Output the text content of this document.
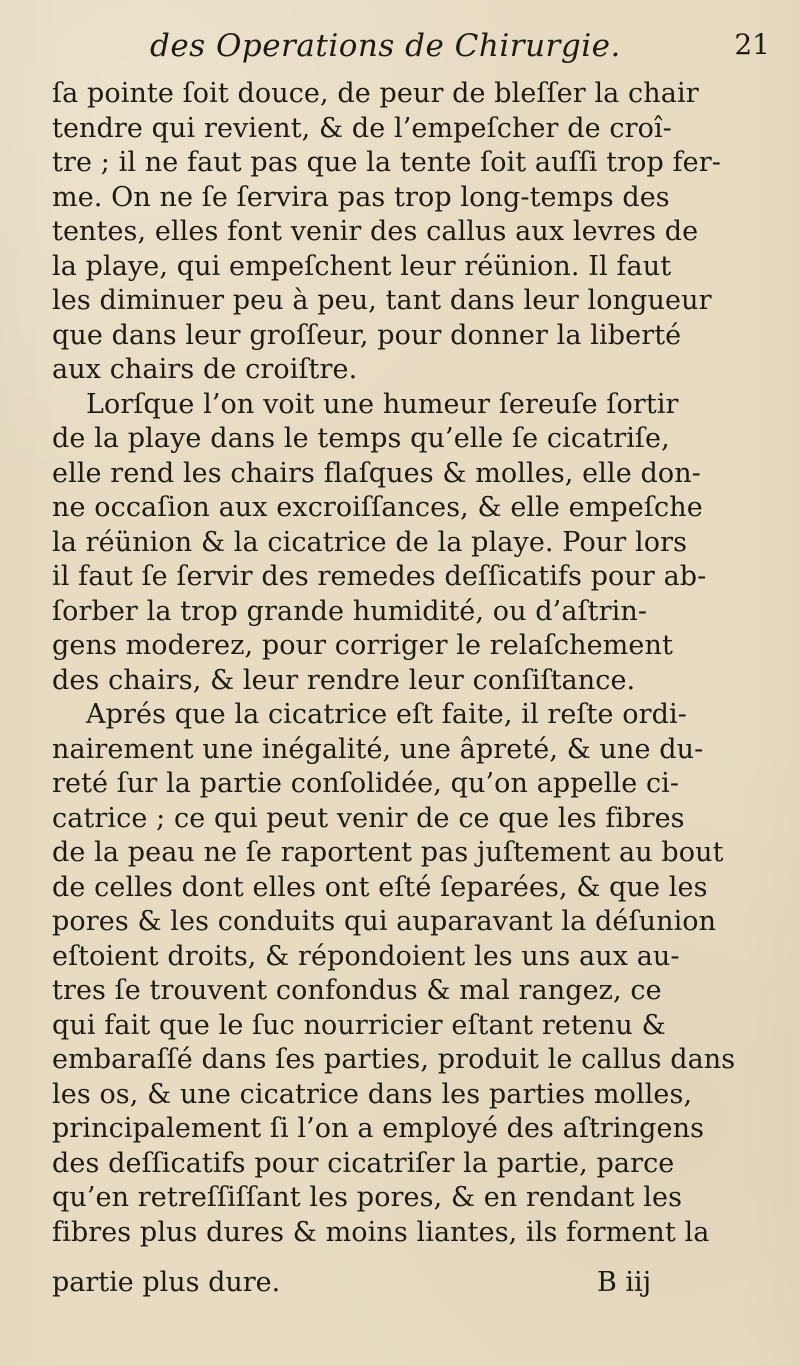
des Operations de Chirurgie.	21
ſa pointe ſoit douce, de peur de bleſſer la chair
tendre qui revient, & de l’empeſcher de croî-
tre ; il ne faut pas que la tente ſoit auſſi trop fer-
me. On ne ſe ſervira pas trop long-temps des
tentes, elles font venir des callus aux levres de
la playe, qui empeſchent leur réünion. Il faut
les diminuer peu à peu, tant dans leur longueur
que dans leur groſſeur, pour donner la liberté
aux chairs de croiſtre.
Lorſque l’on voit une humeur ſereuſe ſortir
de la playe dans le temps qu’elle ſe cicatriſe,
elle rend les chairs flaſques & molles, elle don-
ne occaſion aux excroiſſances, & elle empeſche
la réünion & la cicatrice de la playe. Pour lors
il faut ſe ſervir des remedes deſſicatifs pour ab-
ſorber la trop grande humidité, ou d’aſtrin-
gens moderez, pour corriger le relaſchement
des chairs, & leur rendre leur conſiſtance.
Aprés que la cicatrice eſt faite, il reſte ordi-
nairement une inégalité, une âpreté, & une du-
reté ſur la partie conſolidée, qu’on appelle ci-
catrice ; ce qui peut venir de ce que les fibres
de la peau ne ſe raportent pas juſtement au bout
de celles dont elles ont eſté ſeparées, & que les
pores & les conduits qui auparavant la déſunion
eſtoient droits, & répondoient les uns aux au-
tres ſe trouvent confondus & mal rangez, ce
qui fait que le ſuc nourricier eſtant retenu &
embaraſſé dans ſes parties, produit le callus dans
les os, & une cicatrice dans les parties molles,
principalement ſi l’on a employé des aſtringens
des deſſicatifs pour cicatriſer la partie, parce
qu’en retreſſiſſant les pores, & en rendant les
fibres plus dures & moins liantes, ils forment la
partie plus dure.	B iij
